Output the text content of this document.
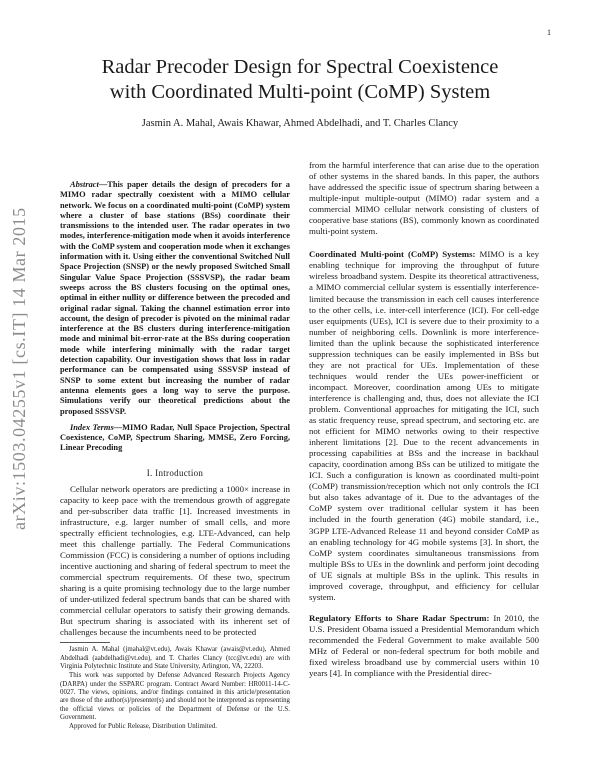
1
arXiv:1503.04255v1 [cs.IT] 14 Mar 2015
Radar Precoder Design for Spectral Coexistence
with Coordinated Multi-point (CoMP) System
Jasmin A. Mahal, Awais Khawar, Ahmed Abdelhadi, and T. Charles Clancy

Abstract—This paper details the design of precoders for a MIMO radar spectrally coexistent with a MIMO cellular network. We focus on a coordinated multi-point (CoMP) system where a cluster of base stations (BSs) coordinate their transmissions to the intended user. The radar operates in two modes, interference-mitigation mode when it avoids interference with the CoMP system and cooperation mode when it exchanges information with it. Using either the conventional Switched Null Space Projection (SNSP) or the newly proposed Switched Small Singular Value Space Projection (SSSVSP), the radar beam sweeps across the BS clusters focusing on the optimal ones, optimal in either nullity or difference between the precoded and original radar signal. Taking the channel estimation error into account, the design of precoder is pivoted on the minimal radar interference at the BS clusters during interference-mitigation mode and minimal bit-error-rate at the BSs during cooperation mode while interfering minimally with the radar target detection capability. Our investigation shows that loss in radar performance can be compensated using SSSVSP instead of SNSP to some extent but increasing the number of radar antenna elements goes a long way to serve the purpose. Simulations verify our theoretical predictions about the proposed SSSVSP.

Index Terms—MIMO Radar, Null Space Projection, Spectral Coexistence, CoMP, Spectrum Sharing, MMSE, Zero Forcing, Linear Precoding

I. Introduction

Cellular network operators are predicting a 1000× increase in capacity to keep pace with the tremendous growth of aggregate and per-subscriber data traffic [1]. Increased investments in infrastructure, e.g. larger number of small cells, and more spectrally efficient technologies, e.g. LTE-Advanced, can help meet this challenge partially. The Federal Communications Commission (FCC) is considering a number of options including incentive auctioning and sharing of federal spectrum to meet the commercial spectrum requirements. Of these two, spectrum sharing is a quite promising technology due to the large number of under-utilized federal spectrum bands that can be shared with commercial cellular operators to satisfy their growing demands. But spectrum sharing is associated with its inherent set of challenges because the incumbents need to be protected

Jasmin A. Mahal (jmahal@vt.edu), Awais Khawar (awais@vt.edu), Ahmed Abdelhadi (aabdelhadi@vt.edu), and T. Charles Clancy (tcc@vt.edu) are with Virginia Polytechnic Institute and State University, Arlington, VA, 22203.

This work was supported by Defense Advanced Research Projects Agency (DARPA) under the SSPARC program. Contract Award Number: HR0011-14-C-0027. The views, opinions, and/or findings contained in this article/presentation are those of the author(s)/presenter(s) and should not be interpreted as representing the official views or policies of the Department of Defense or the U.S. Government.

Approved for Public Release, Distribution Unlimited.

from the harmful interference that can arise due to the operation of other systems in the shared bands. In this paper, the authors have addressed the specific issue of spectrum sharing between a multiple-input multiple-output (MIMO) radar system and a commercial MIMO cellular network consisting of clusters of cooperative base stations (BS), commonly known as coordinated multi-point system.

Coordinated Multi-point (CoMP) Systems: MIMO is a key enabling technique for improving the throughput of future wireless broadband system. Despite its theoretical attractiveness, a MIMO commercial cellular system is essentially interference-limited because the transmission in each cell causes interference to the other cells, i.e. inter-cell interference (ICI). For cell-edge user equipments (UEs), ICI is severe due to their proximity to a number of neighboring cells. Downlink is more interference-limited than the uplink because the sophisticated interference suppression techniques can be easily implemented in BSs but they are not practical for UEs. Implementation of these techniques would render the UEs power-inefficient or incompact. Moreover, coordination among UEs to mitigate interference is challenging and, thus, does not alleviate the ICI problem. Conventional approaches for mitigating the ICI, such as static frequency reuse, spread spectrum, and sectoring etc. are not efficient for MIMO networks owing to their respective inherent limitations [2]. Due to the recent advancements in processing capabilities at BSs and the increase in backhaul capacity, coordination among BSs can be utilized to mitigate the ICI. Such a configuration is known as coordinated multi-point (CoMP) transmission/reception which not only controls the ICI but also takes advantage of it. Due to the advantages of the CoMP system over traditional cellular system it has been included in the fourth generation (4G) mobile standard, i.e., 3GPP LTE-Advanced Release 11 and beyond consider CoMP as an enabling technology for 4G mobile systems [3]. In short, the CoMP system coordinates simultaneous transmissions from multiple BSs to UEs in the downlink and perform joint decoding of UE signals at multiple BSs in the uplink. This results in improved coverage, throughput, and efficiency for cellular system.

Regulatory Efforts to Share Radar Spectrum: In 2010, the U.S. President Obama issued a Presidential Memorandum which recommended the Federal Government to make available 500 MHz of Federal or non-federal spectrum for both mobile and fixed wireless broadband use by commercial users within 10 years [4]. In compliance with the Presidential direc-
